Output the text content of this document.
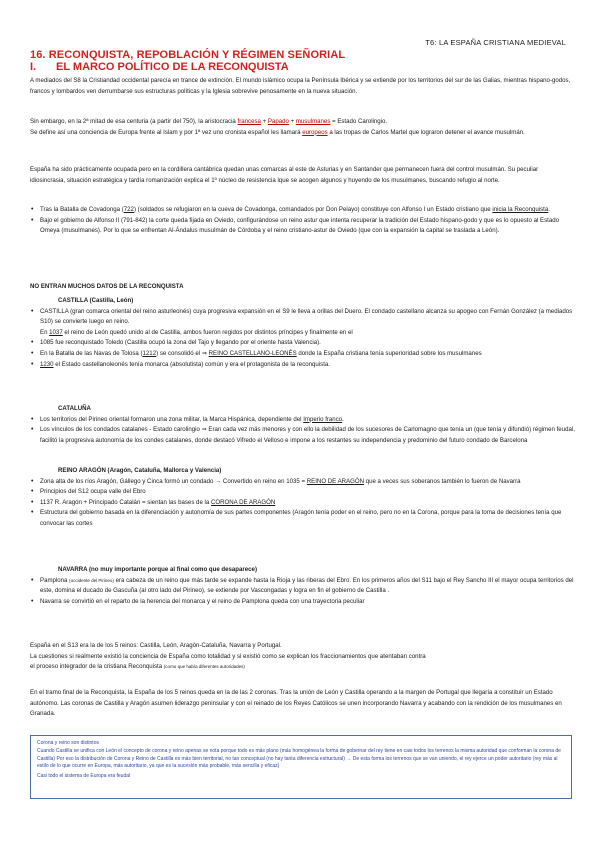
T6: LA ESPAÑA CRISTIANA MEDIEVAL
16. RECONQUISTA, REPOBLACIÓN Y RÉGIMEN SEÑORIAL
I. EL MARCO POLÍTICO DE LA RECONQUISTA

A mediados del S8 la Cristiandad occidental parecía en trance de extinción. El mundo islámico ocupa la Península Ibérica y se extiende por los territorios del sur de las Galias, mientras hispano-godos, francos y lombardos ven derrumbarse sus estructuras políticas y la Iglesia sobrevive penosamente en la nueva situación.

Sin embargo, en la 2ª mitad de esa centuria (a partir del 750), la aristocracia francesa + Papado + musulmanes = Estado Carolingio.

Se define así una conciencia de Europa frente al Islam y por 1ª vez uno cronista español les llamará europeos a las tropas de Carlos Martel que lograron detener el avance musulmán.

España ha sido prácticamente ocupada pero en la cordillera cantábrica quedan unas comarcas al este de Asturias y en Santander que permanecen fuera del control musulmán. Su peculiar idiosincrasia, situación estratégica y tardía romanización explica el 1º núcleo de resistencia lque se acogen algunos y huyendo de los musulmanes, buscando refugio al norte.

• Tras la Batalla de Covadonga (722) (soldados se refugiaron en la cueva de Covadonga, comandados por Don Pelayo) constituye con Alfonso I un Estado cristiano que inicia la Reconquista.
• Bajo el gobierno de Alfonso II (791-842) la corte queda fijada en Oviedo, configurándose un reino astur que intenta recuperar la tradición del Estado hispano-godo y que es lo opuesto al Estado Omeya (musulmanes). Por lo que se enfrentan Al-Ándalus musulmán de Córdoba y el reino cristiano-astur de Oviedo (que con la expansión la capital se traslada a León).
NO ENTRAN MUCHOS DATOS DE LA RECONQUISTA
CASTILLA (Castilla, León)
• CASTILLA (gran comarca oriental del reino asturleonés) cuya progresiva expansión en el S9 le lleva a orillas del Duero. El condado castellano alcanza su apogeo con Fernán González (a mediados S10) se convierte luego en reino.
En 1037 el reino de León quedó unido al de Castilla, ambos fueron regidos por distintos príncipes y finalmente en el
• 1085 fue reconquistado Toledo (Castilla ocupó la zona del Tajo y llegando por el oriente hasta Valencia).
• En la Batalla de las Navas de Tolosa (1212) se consolidó el ⇒ REINO CASTELLANO-LEONÉS donde la España cristiana tenía superioridad sobre los musulmanes
• 1230 el Estado castellanoleonés tenía monarca (absolutista) común y era el protagonista de la reconquista.
CATALUÑA
• Los territorios del Pirineo oriental formaron una zona militar, la Marca Hispánica, dependiente del Imperio franco.
• Los vínculos de los condados catalanes - Estado carolingio ⇒ Eran cada vez más menores y con ello la debilidad de los sucesores de Carlomagno que tenía un (que tenía y difundió) régimen feudal, facilitó la progresiva autonomía de los condes catalanes, donde destacó Vifredo el Velloso e impone a los restantes su independencia y predominio del futuro condado de Barcelona
REINO ARAGÓN (Aragón, Cataluña, Mallorca y Valencia)
• Zona alta de los ríos Aragón, Gállego y Cinca formó un condado → Convertido en reino en 1035 = REINO DE ARAGÓN que a veces sus soberanos también lo fueron de Navarra
• Principios del S12 ocupa valle del Ebro
• 1137 R. Aragón + Principado Catalán = sientan las bases de la CORONA DE ARAGÓN
• Estructura del gobierno basada en la diferenciación y autonomía de sus partes componentes (Aragón tenía poder en el reino, pero no en la Corona, porque para la toma de decisiones tenía que convocar las cortes
NAVARRA (no muy importante porque al final como que desaparece)
• Pamplona (occidente del Pirineo) era cabeza de un reino que más tarde se expande hasta la Rioja y las riberas del Ebro. En los primeros años del S11 bajo el Rey Sancho III el mayor ocupa territorios del este, domina el ducado de Gascuña (al otro lado del Pirineo), se extiende por Vascongadas y logra en fin el gobierno de Castilla .
• Navarra se convirtió en el reparto de la herencia del monarca y el reino de Pamplona queda con una trayectoria peculiar

España en el S13 era la de los 5 reinos: Castilla, León, Aragón-Cataluña, Navarra y Portugal.

La cuestiones si realmente existió la conciencia de España como totalidad y si existió como se explican los fraccionamientos que atentaban contra

el proceso integrador de la cristiana Reconquista (como que había diferentes autoridades)

En el tramo final de la Reconquista, la España de los 5 reinos queda en la de las 2 coronas. Tras la unión de León y Castilla operando a la margen de Portugal que llegaría a constituir un Estado autónomo. Las coronas de Castilla y Aragón asumen liderazgo peninsular y con el reinado de los Reyes Católicos se unen incorporando Navarra y acabando con la rendición de los musulmanes en Granada.

Corona y reino son distintos

Cuando Castilla se unifica con León el concepto de corona y reino apenas se nota porque todo es más plano (más homogénea la forma de gobernar del rey tiene en casi todos los terrenos la misma autoridad que conforman la corona de Castilla) Por eso la distribución de Corona y Reino de Castilla es más bien territorial, no tan conceptual (no hay tanta diferencia estructural) → De esta forma los terrenos que se van uniendo, el rey ejerce un poder autoritario (rey más al estilo de lo que ocurre en Europa, más autoritario, ya que es la sucesión más probable, más sencilla y eficaz)

Casi todo el sistema de Europa era feudal
